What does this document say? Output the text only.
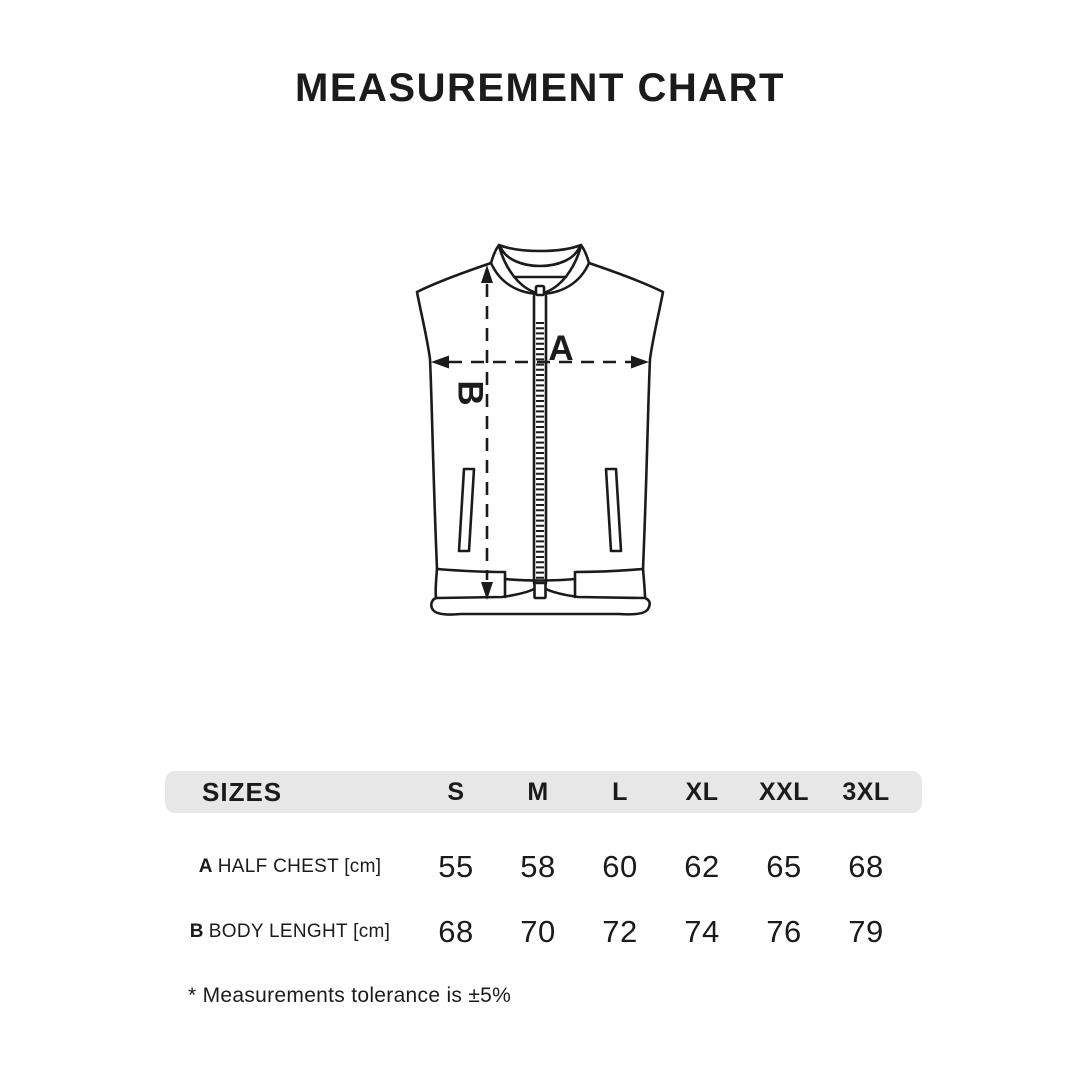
MEASUREMENT CHART
A
B
SIZES	S	M	L	XL	XXL	3XL
A HALF CHEST [cm]	55	58	60	62	65	68
B BODY LENGHT [cm]	68	70	72	74	76	79
* Measurements tolerance is ±5%
